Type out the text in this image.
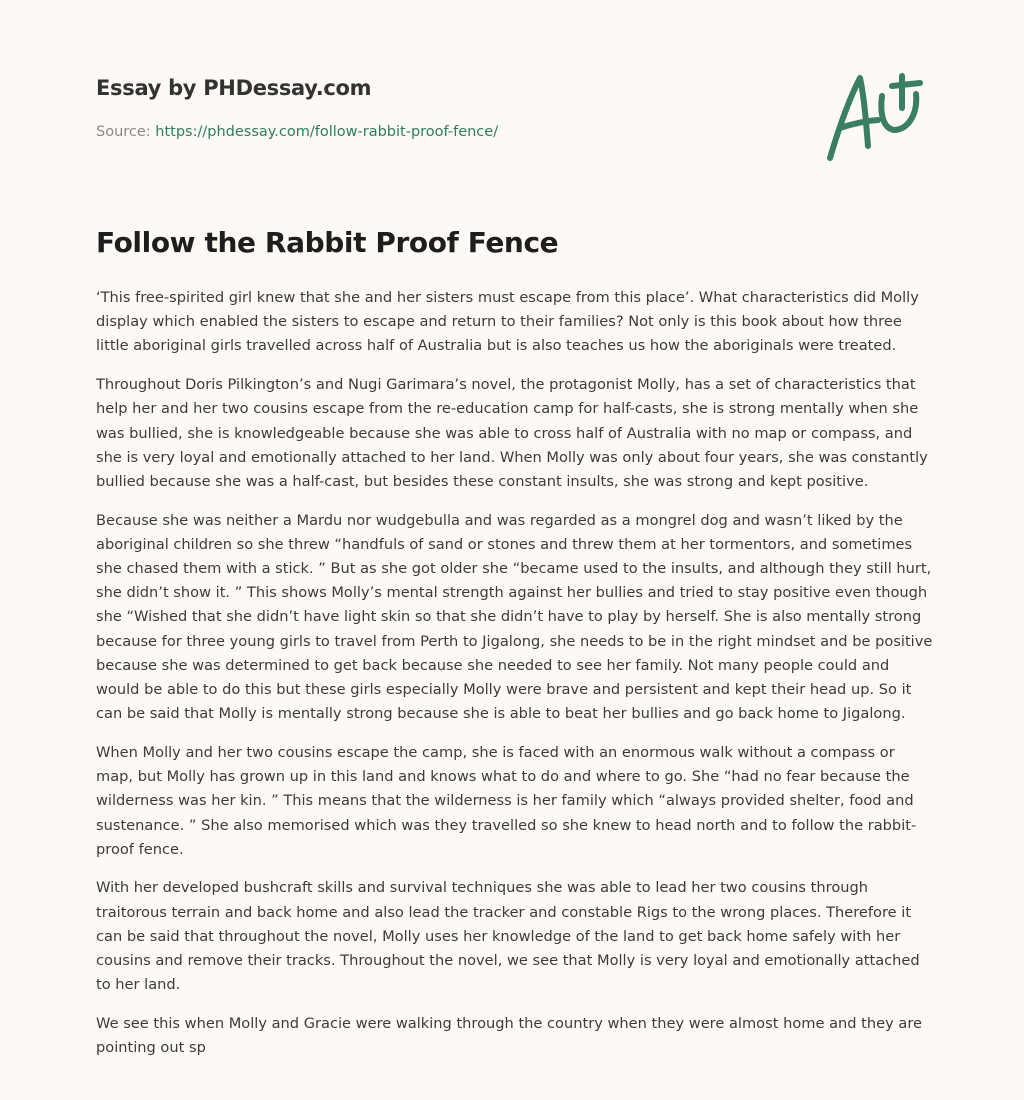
Essay by PHDessay.com
Source: https://phdessay.com/follow-rabbit-proof-fence/
Follow the Rabbit Proof Fence

‘This free-spirited girl knew that she and her sisters must escape from this place’. What characteristics did Molly display which enabled the sisters to escape and return to their families? Not only is this book about how three little aboriginal girls travelled across half of Australia but is also teaches us how the aboriginals were treated.

Throughout Doris Pilkington’s and Nugi Garimara’s novel, the protagonist Molly, has a set of characteristics that help her and her two cousins escape from the re-education camp for half-casts, she is strong mentally when she was bullied, she is knowledgeable because she was able to cross half of Australia with no map or compass, and she is very loyal and emotionally attached to her land. When Molly was only about four years, she was constantly bullied because she was a half-cast, but besides these constant insults, she was strong and kept positive.

Because she was neither a Mardu nor wudgebulla and was regarded as a mongrel dog and wasn’t liked by the aboriginal children so she threw “handfuls of sand or stones and threw them at her tormentors, and sometimes she chased them with a stick. ” But as she got older she “became used to the insults, and although they still hurt, she didn’t show it. ” This shows Molly’s mental strength against her bullies and tried to stay positive even though she “Wished that she didn’t have light skin so that she didn’t have to play by herself. She is also mentally strong because for three young girls to travel from Perth to Jigalong, she needs to be in the right mindset and be positive because she was determined to get back because she needed to see her family. Not many people could and would be able to do this but these girls especially Molly were brave and persistent and kept their head up. So it can be said that Molly is mentally strong because she is able to beat her bullies and go back home to Jigalong.

When Molly and her two cousins escape the camp, she is faced with an enormous walk without a compass or map, but Molly has grown up in this land and knows what to do and where to go. She “had no fear because the wilderness was her kin. ” This means that the wilderness is her family which “always provided shelter, food and sustenance. ” She also memorised which was they travelled so she knew to head north and to follow the rabbit-proof fence.

With her developed bushcraft skills and survival techniques she was able to lead her two cousins through traitorous terrain and back home and also lead the tracker and constable Rigs to the wrong places. Therefore it can be said that throughout the novel, Molly uses her knowledge of the land to get back home safely with her cousins and remove their tracks. Throughout the novel, we see that Molly is very loyal and emotionally attached to her land.

We see this when Molly and Gracie were walking through the country when they were almost home and they are pointing out sp
